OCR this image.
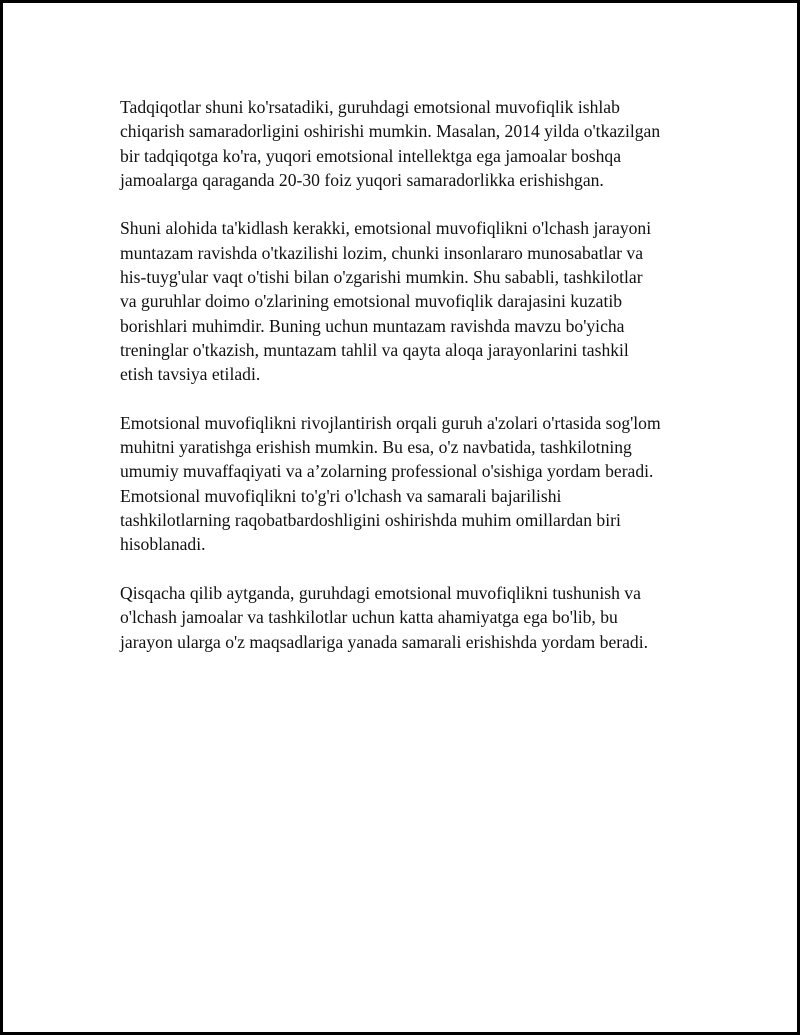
Tadqiqotlar shuni ko'rsatadiki, guruhdagi emotsional muvofiqlik ishlab
chiqarish samaradorligini oshirishi mumkin. Masalan, 2014 yilda o'tkazilgan
bir tadqiqotga ko'ra, yuqori emotsional intellektga ega jamoalar boshqa
jamoalarga qaraganda 20-30 foiz yuqori samaradorlikka erishishgan.

Shuni alohida ta'kidlash kerakki, emotsional muvofiqlikni o'lchash jarayoni
muntazam ravishda o'tkazilishi lozim, chunki insonlararo munosabatlar va
his-tuyg'ular vaqt o'tishi bilan o'zgarishi mumkin. Shu sababli, tashkilotlar
va guruhlar doimo o'zlarining emotsional muvofiqlik darajasini kuzatib
borishlari muhimdir. Buning uchun muntazam ravishda mavzu bo'yicha
treninglar o'tkazish, muntazam tahlil va qayta aloqa jarayonlarini tashkil
etish tavsiya etiladi.

Emotsional muvofiqlikni rivojlantirish orqali guruh a'zolari o'rtasida sog'lom
muhitni yaratishga erishish mumkin. Bu esa, o'z navbatida, tashkilotning
umumiy muvaffaqiyati va a’zolarning professional o'sishiga yordam beradi.
Emotsional muvofiqlikni to'g'ri o'lchash va samarali bajarilishi
tashkilotlarning raqobatbardoshligini oshirishda muhim omillardan biri
hisoblanadi.

Qisqacha qilib aytganda, guruhdagi emotsional muvofiqlikni tushunish va
o'lchash jamoalar va tashkilotlar uchun katta ahamiyatga ega bo'lib, bu
jarayon ularga o'z maqsadlariga yanada samarali erishishda yordam beradi.
